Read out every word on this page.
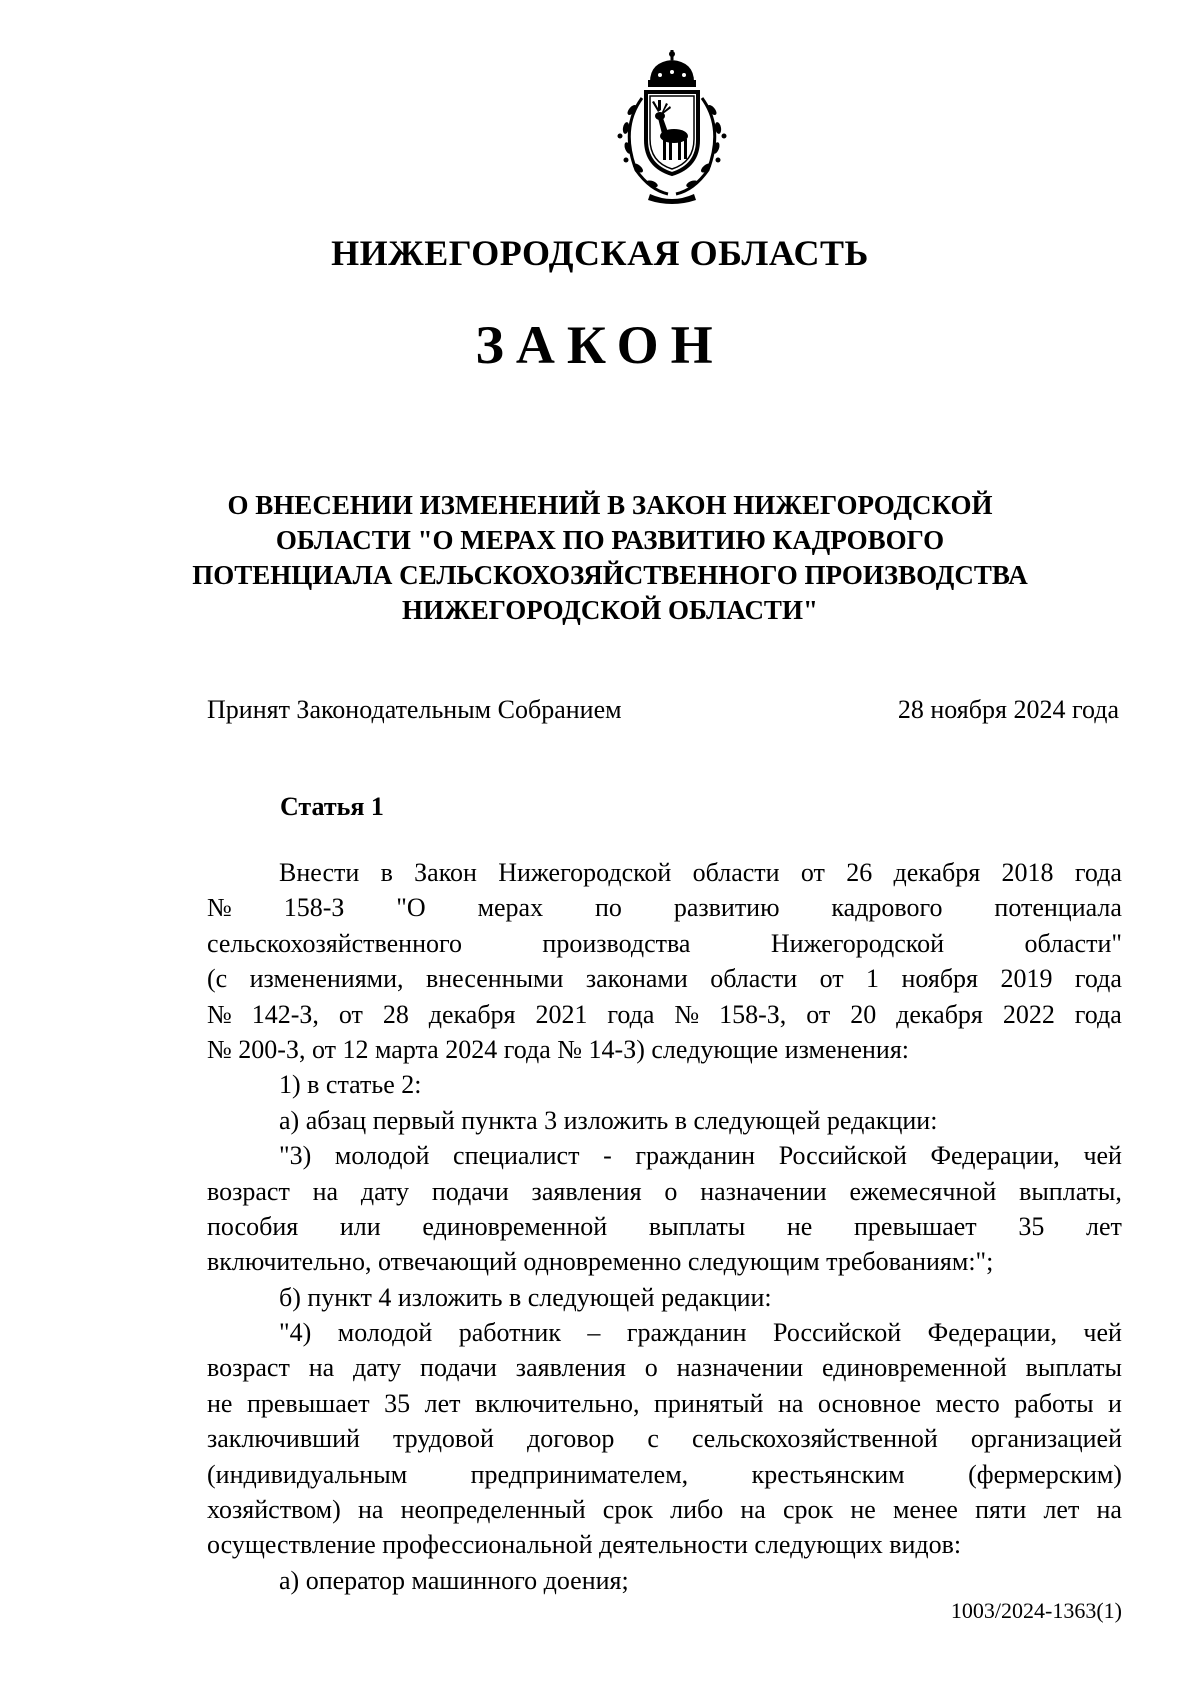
НИЖЕГОРОДСКАЯ ОБЛАСТЬ
ЗАКОН
О ВНЕСЕНИИ ИЗМЕНЕНИЙ В ЗАКОН НИЖЕГОРОДСКОЙ
ОБЛАСТИ "О МЕРАХ ПО РАЗВИТИЮ КАДРОВОГО
ПОТЕНЦИАЛА СЕЛЬСКОХОЗЯЙСТВЕННОГО ПРОИЗВОДСТВА
НИЖЕГОРОДСКОЙ ОБЛАСТИ"
Принят Законодательным Собранием	28 ноября 2024 года
Статья 1
Внести в Закон Нижегородской области от 26 декабря 2018 года
№ 158-З "О мерах по развитию кадрового потенциала
сельскохозяйственного	производства	Нижегородской	области"
(с изменениями, внесенными законами области от 1 ноября 2019 года
№ 142-З, от 28 декабря 2021 года № 158-З, от 20 декабря 2022 года
№ 200-З, от 12 марта 2024 года № 14-З) следующие изменения:
1) в статье 2:
а) абзац первый пункта 3 изложить в следующей редакции:
"3) молодой специалист - гражданин Российской Федерации, чей
возраст на дату подачи заявления о назначении ежемесячной выплаты,
пособия или единовременной выплаты не превышает 35 лет
включительно, отвечающий одновременно следующим требованиям:";
б) пункт 4 изложить в следующей редакции:
"4) молодой работник – гражданин Российской Федерации, чей
возраст на дату подачи заявления о назначении единовременной выплаты
не превышает 35 лет включительно, принятый на основное место работы и
заключивший трудовой договор с сельскохозяйственной организацией
(индивидуальным предпринимателем, крестьянским (фермерским)
хозяйством) на неопределенный срок либо на срок не менее пяти лет на
осуществление профессиональной деятельности следующих видов:
а) оператор машинного доения;
1003/2024-1363(1)
